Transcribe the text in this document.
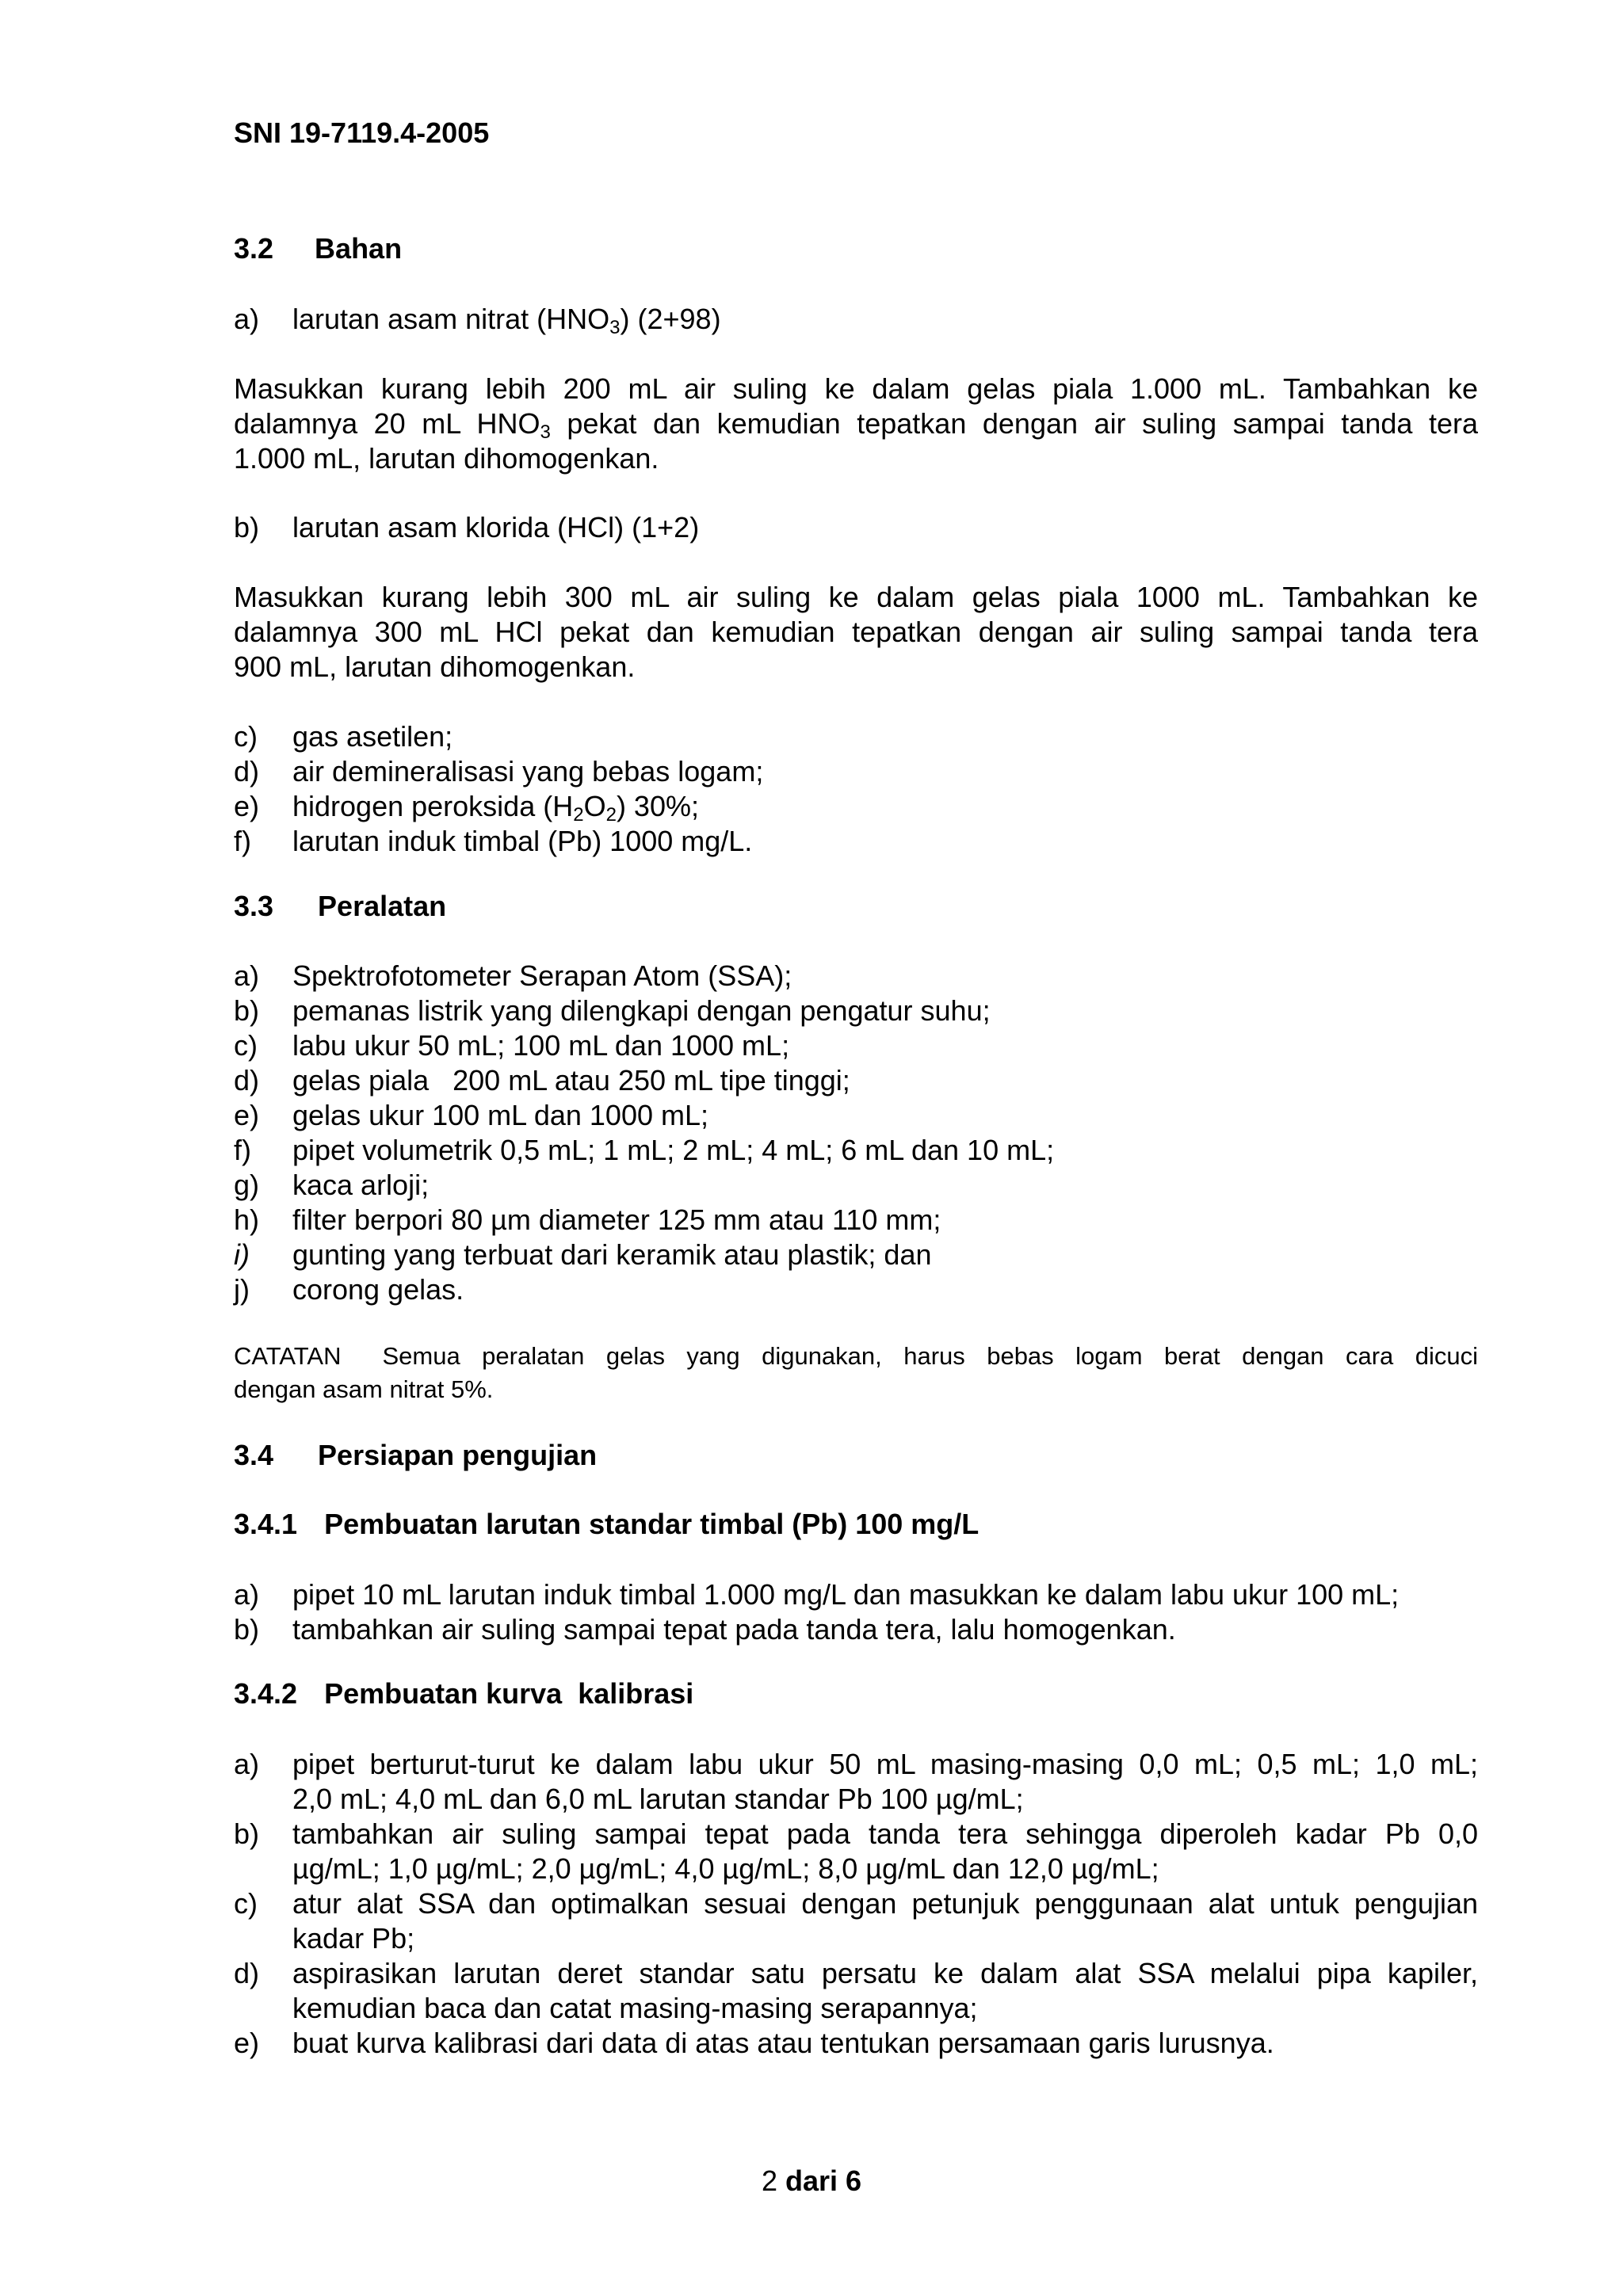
SNI 19-7119.4-2005
3.2 Bahan
a)	larutan asam nitrat $(HNO_3)$ (2+98)
Masukkan kurang lebih 200 mL air suling ke dalam gelas piala 1.000 mL. Tambahkan ke
dalamnya 20 mL $HNO_3$ pekat dan kemudian tepatkan dengan air suling sampai tanda tera
1.000 mL, larutan dihomogenkan.
b)	larutan asam klorida (HCl) (1+2)
Masukkan kurang lebih 300 mL air suling ke dalam gelas piala 1000 mL. Tambahkan ke
dalamnya 300 mL HCl pekat dan kemudian tepatkan dengan air suling sampai tanda tera
900 mL, larutan dihomogenkan.
c)	gas asetilen;
d)	air demineralisasi yang bebas logam;
e)	hidrogen peroksida $(H_2O_2)$ 30%;
f)	larutan induk timbal (Pb) 1000 mg/L.
3.3 Peralatan
a)	Spektrofotometer Serapan Atom (SSA);
b)	pemanas listrik yang dilengkapi dengan pengatur suhu;
c)	labu ukur 50 mL; 100 mL dan 1000 mL;
d)	gelas piala   200 mL atau 250 mL tipe tinggi;
e)	gelas ukur 100 mL dan 1000 mL;
f)	pipet volumetrik 0,5 mL; 1 mL; 2 mL; 4 mL; 6 mL dan 10 mL;
g)	kaca arloji;
h)	filter berpori 80 µm diameter 125 mm atau 110 mm;
i)	gunting yang terbuat dari keramik atau plastik; dan
j)	corong gelas.
CATATAN Semua peralatan gelas yang digunakan, harus bebas logam berat dengan cara dicuci
dengan asam nitrat 5%.
3.4 Persiapan pengujian
3.4.1 Pembuatan larutan standar timbal (Pb) 100 mg/L
a)	pipet 10 mL larutan induk timbal 1.000 mg/L dan masukkan ke dalam labu ukur 100 mL;
b)	tambahkan air suling sampai tepat pada tanda tera, lalu homogenkan.
3.4.2 Pembuatan kurva  kalibrasi
a)	pipet berturut-turut ke dalam labu ukur 50 mL masing-masing 0,0 mL; 0,5 mL; 1,0 mL;
2,0 mL; 4,0 mL dan 6,0 mL larutan standar Pb 100 µg/mL;
b)	tambahkan air suling sampai tepat pada tanda tera sehingga diperoleh kadar Pb 0,0
µg/mL; 1,0 µg/mL; 2,0 µg/mL; 4,0 µg/mL; 8,0 µg/mL dan 12,0 µg/mL;
c)	atur alat SSA dan optimalkan sesuai dengan petunjuk penggunaan alat untuk pengujian
kadar Pb;
d)	aspirasikan larutan deret standar satu persatu ke dalam alat SSA melalui pipa kapiler,
kemudian baca dan catat masing-masing serapannya;
e)	buat kurva kalibrasi dari data di atas atau tentukan persamaan garis lurusnya.
2 dari 6
